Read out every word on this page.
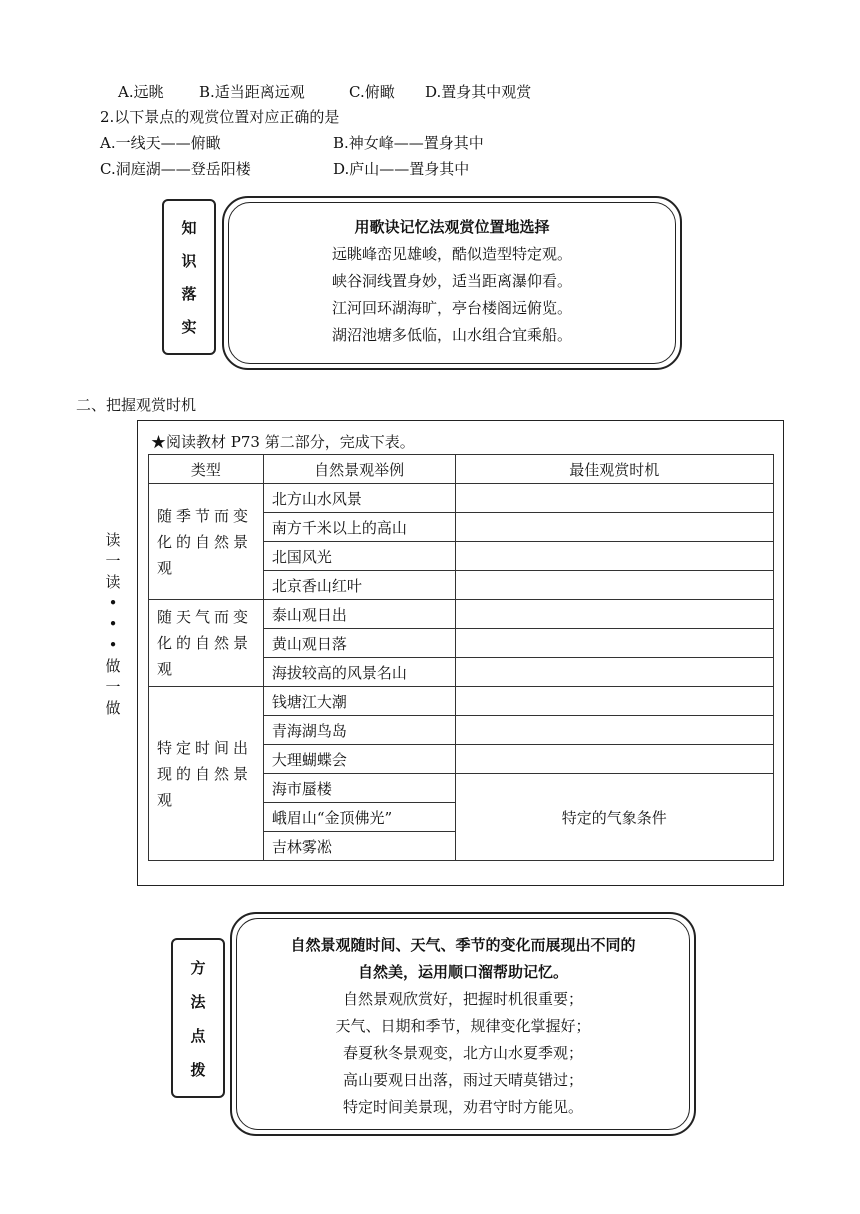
A.远眺 B.适当距离远观	C.俯瞰 D.置身其中观赏
2.以下景点的观赏位置对应正确的是
A.一线天——俯瞰	B.神女峰——置身其中
C.洞庭湖——登岳阳楼	D.庐山——置身其中
知
识
落
实
用歌诀记忆法观赏位置地选择
远眺峰峦见雄峻，酷似造型特定观。
峡谷洞线置身妙，适当距离瀑仰看。
江河回环湖海旷，亭台楼阁远俯览。
湖沼池塘多低临，山水组合宜乘船。
二、把握观赏时机
读
一
读
•
•
•
做
一
做
★阅读教材 P73 第二部分，完成下表。
类型	自然景观举例	最佳观赏时机
随季节而变化的自然景观	北方山水风景	
	南方千米以上的高山	
	北国风光	
	北京香山红叶	
随天气而变化的自然景观	泰山观日出	
	黄山观日落	
	海拔较高的风景名山	
特定时间出现的自然景观	钱塘江大潮	
	青海湖鸟岛	
	大理蝴蝶会	
	海市蜃楼	特定的气象条件
	峨眉山“金顶佛光”	
	吉林雾凇	
方
法
点
拨
自然景观随时间、天气、季节的变化而展现出不同的
自然美，运用顺口溜帮助记忆。
自然景观欣赏好，把握时机很重要；
天气、日期和季节，规律变化掌握好；
春夏秋冬景观变，北方山水夏季观；
高山要观日出落，雨过天晴莫错过；
特定时间美景现，劝君守时方能见。
